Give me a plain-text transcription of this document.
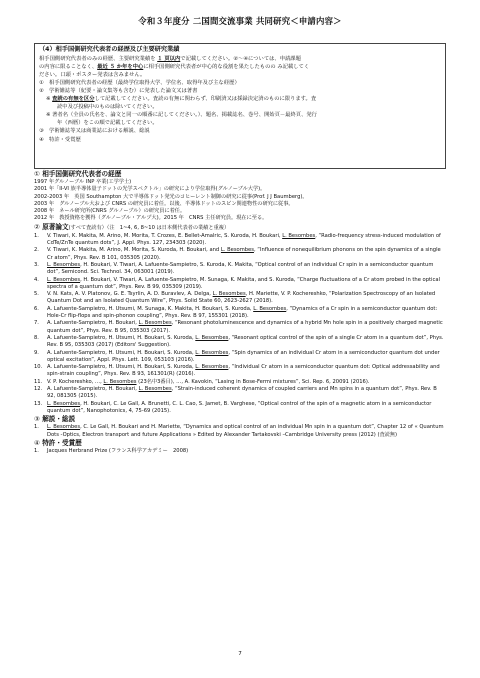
令和３年度分 二国間交流事業 共同研究＜申請内容＞
（4）相手国側研究代表者の経歴及び主要研究業績

相手国側研究代表者のみの経歴、主要研究業績を １ 頁以内で記載してください。②～④については、申請課題

の内容に限ることなく、最近 ５ か年を中心に相手国側研究代表者が中心的な役割を果たしたものの み記載してく

ださい。口頭・ポスター発表は含みません。

①　相手国側研究代表者の経歴（最終学位取得大学、学位名、取得年及び主な経歴）

②　学術雑誌等（紀要・論文集等も含む）に発表した論文又は著書

※ 査読の有無を区分して記載してください。査読の有無に関わらず、印刷済又は採録決定済のものに限ります。査

読中及び投稿中のものは除いてください。

※ 著者名（全員の氏名を、論文と同一の順番に記してください。）、題名、掲載誌名、巻号、開始頁－最終頁、発行

年（西暦）をこの順で記載してください。

③　学術雑誌等又は商業誌における解説、総説

④　特許・受賞歴

① 相手国側研究代表者の経歴

1997 年グルノーブル INP 卒業(工学学士)

2001 年「II-VI 族半導体量子ドットの光学スペクトル」の研究により学位取得(グルノーブル大学)。

2002-2003 年　英国 Southampton 大で半導体ドット発光のコヒーレント制御の研究に従事(Prof. J J Baumberg)。

2003 年　グルノーブル大および CNRS の研究員に着任。以後、半導体ドットのスピン関連物性の研究に従事。

2008 年　ネール研究所(CNRS グルノーブル）の研究員に着任。

2012 年　教授資格を獲得（グルノーブル・アルプ大)。2015 年　CNRS 主任研究員。現在に至る。

② 原著論文(すべて査読有）（注　1~4, 6, 8~10 は日本側代表者の業績と重複）

1.	V. Tiwari, K. Makita, M. Arino, M. Morita, T. Crozes, E. Bellet-Amalric, S. Kuroda, H. Boukari, L. Besombes, “Radio-frequency stress-induced modulation of CdTe/ZnTe quantum dots”, J. Appl. Phys. 127, 234303 (2020).
2.	V. Tiwari, K. Makita, M. Arino, M. Morita, S. Kuroda, H. Boukari, and L. Besombes, “Influence of nonequilibrium phonons on the spin dynamics of a single Cr atom”, Phys. Rev. B 101, 035305 (2020).
3.	L. Besombes, H. Boukari, V. Tiwari, A. Lafuente-Sampietro, S. Kuroda, K. Makita, “Optical control of an individual Cr spin in a semiconductor quantum dot”, Semicond. Sci. Technol. 34, 063001 (2019).
4.	L. Besombes, H. Boukari, V. Tiwari, A. Lafuente-Sampietro, M. Sunaga, K. Makita, and S. Kuroda, “Charge fluctuations of a Cr atom probed in the optical spectra of a quantum dot”, Phys. Rev. B 99, 035309 (2019).
5.	V. N. Kats, A. V. Platonov, G. E. Tsyrlin, A. D. Buravlev, A. Delga, L. Besombes, H. Mariette, V. P. Kochereshko, “Polarization Spectroscopy of an Isolated Quantum Dot and an Isolated Quantum Wire”, Phys. Solid State 60, 2623-2627 (2018).
6.	A. Lafuente-Sampietro, H. Utsumi, M. Sunaga, K. Makita, H. Boukari, S. Kuroda, L. Besombes, “Dynamics of a Cr spin in a semiconductor quantum dot: Hole-Cr flip-flops and spin-phonon coupling”, Phys. Rev. B 97, 155301 (2018).
7.	A. Lafuente-Sampietro, H. Boukari, L. Besombes, “Resonant photoluminescence and dynamics of a hybrid Mn hole spin in a positively charged magnetic quantum dot”, Phys. Rev. B 95, 035303 (2017).
8.	A. Lafuente-Sampietro, H. Utsumi, H. Boukari, S. Kuroda, L. Besombes, “Resonant optical control of the spin of a single Cr atom in a quantum dot”, Phys. Rev. B 95, 035303 (2017) (Editors' Suggestion).
9.	A. Lafuente-Sampietro, H. Utsumi, H. Boukari, S. Kuroda, L. Besombes, “Spin dynamics of an individual Cr atom in a semiconductor quantum dot under optical excitation”, Appl. Phys. Lett. 109, 053103 (2016).
10. A. Lafuente-Sampietro, H. Utsumi, H. Boukari, S. Kuroda, L. Besombes, “Individual Cr atom in a semiconductor quantum dot: Optical addressability and spin-strain coupling”, Phys. Rev. B 93, 161301(R) (2016).
11. V. P. Kochereshko, …, L. Besombes (23名中3番目), …, A. Kavokin, “Lasing in Bose-Fermi mixtures”, Sci. Rep. 6, 20091 (2016).
12. A. Lafuente-Sampietro, H. Boukari, L. Besombes, “Strain-induced coherent dynamics of coupled carriers and Mn spins in a quantum dot”, Phys. Rev. B 92, 081305 (2015).
13. L. Besombes, H. Boukari, C. Le Gall, A. Brunetti, C. L. Cao, S. Jamet, B. Varghese, “Optical control of the spin of a magnetic atom in a semiconductor quantum dot”, Nanophotonics, 4, 75-69 (2015).

③ 解説・総説

1.	L. Besombes, C. Le Gall, H. Boukari and H. Mariette, “Dynamics and optical control of an individual Mn spin in a quantum dot”, Chapter 12 of « Quantum Dots -Optics, Electron transport and future Applications » Edited by Alexander Tartakovski –Cambridge University press (2012) (査読無)

④ 特許・受賞歴

1.	Jacques Herbrand Prize (フランス科学アカデミー　2008)
7
